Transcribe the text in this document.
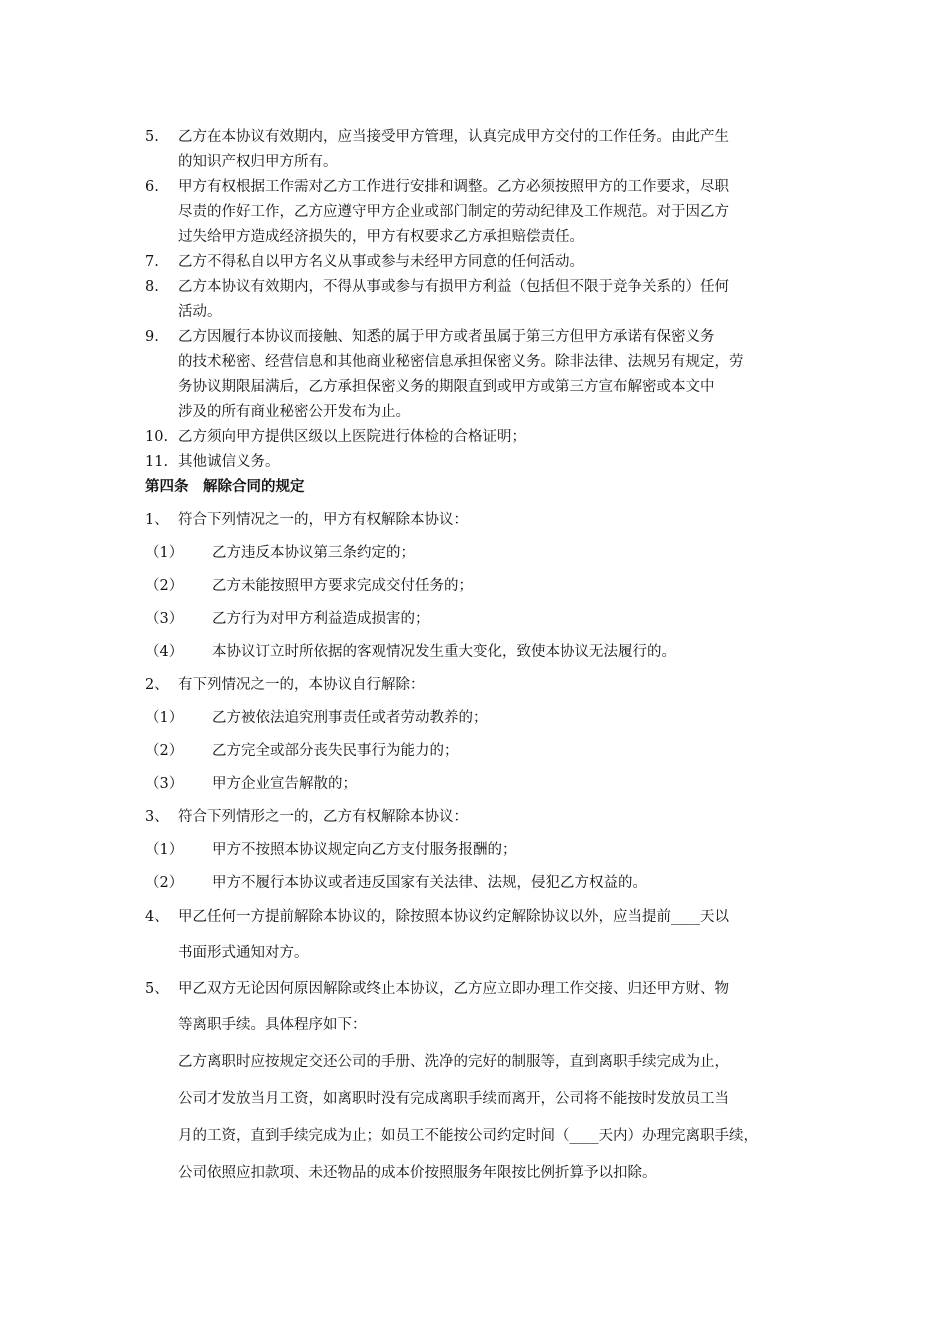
5. 乙方在本协议有效期内，应当接受甲方管理，认真完成甲方交付的工作任务。由此产生
的知识产权归甲方所有。
6. 甲方有权根据工作需对乙方工作进行安排和调整。乙方必须按照甲方的工作要求，尽职
尽责的作好工作，乙方应遵守甲方企业或部门制定的劳动纪律及工作规范。对于因乙方
过失给甲方造成经济损失的，甲方有权要求乙方承担赔偿责任。
7. 乙方不得私自以甲方名义从事或参与未经甲方同意的任何活动。
8. 乙方本协议有效期内，不得从事或参与有损甲方利益（包括但不限于竞争关系的）任何
活动。
9. 乙方因履行本协议而接触、知悉的属于甲方或者虽属于第三方但甲方承诺有保密义务
的技术秘密、经营信息和其他商业秘密信息承担保密义务。除非法律、法规另有规定，劳
务协议期限届满后，乙方承担保密义务的期限直到或甲方或第三方宣布解密或本文中
涉及的所有商业秘密公开发布为止。
10. 乙方须向甲方提供区级以上医院进行体检的合格证明；
11. 其他诚信义务。
第四条　解除合同的规定
1、 符合下列情况之一的，甲方有权解除本协议：
（1） 乙方违反本协议第三条约定的；
（2） 乙方未能按照甲方要求完成交付任务的；
（3） 乙方行为对甲方利益造成损害的；
（4） 本协议订立时所依据的客观情况发生重大变化，致使本协议无法履行的。
2、 有下列情况之一的，本协议自行解除：
（1） 乙方被依法追究刑事责任或者劳动教养的；
（2） 乙方完全或部分丧失民事行为能力的；
（3） 甲方企业宣告解散的；
3、 符合下列情形之一的，乙方有权解除本协议：
（1） 甲方不按照本协议规定向乙方支付服务报酬的；
（2） 甲方不履行本协议或者违反国家有关法律、法规，侵犯乙方权益的。
4、 甲乙任何一方提前解除本协议的，除按照本协议约定解除协议以外，应当提前____天以
书面形式通知对方。
5、 甲乙双方无论因何原因解除或终止本协议，乙方应立即办理工作交接、归还甲方财、物
等离职手续。具体程序如下：
乙方离职时应按规定交还公司的手册、洗净的完好的制服等，直到离职手续完成为止，
公司才发放当月工资，如离职时没有完成离职手续而离开，公司将不能按时发放员工当
月的工资，直到手续完成为止；如员工不能按公司约定时间（____天内）办理完离职手续，
公司依照应扣款项、未还物品的成本价按照服务年限按比例折算予以扣除。
